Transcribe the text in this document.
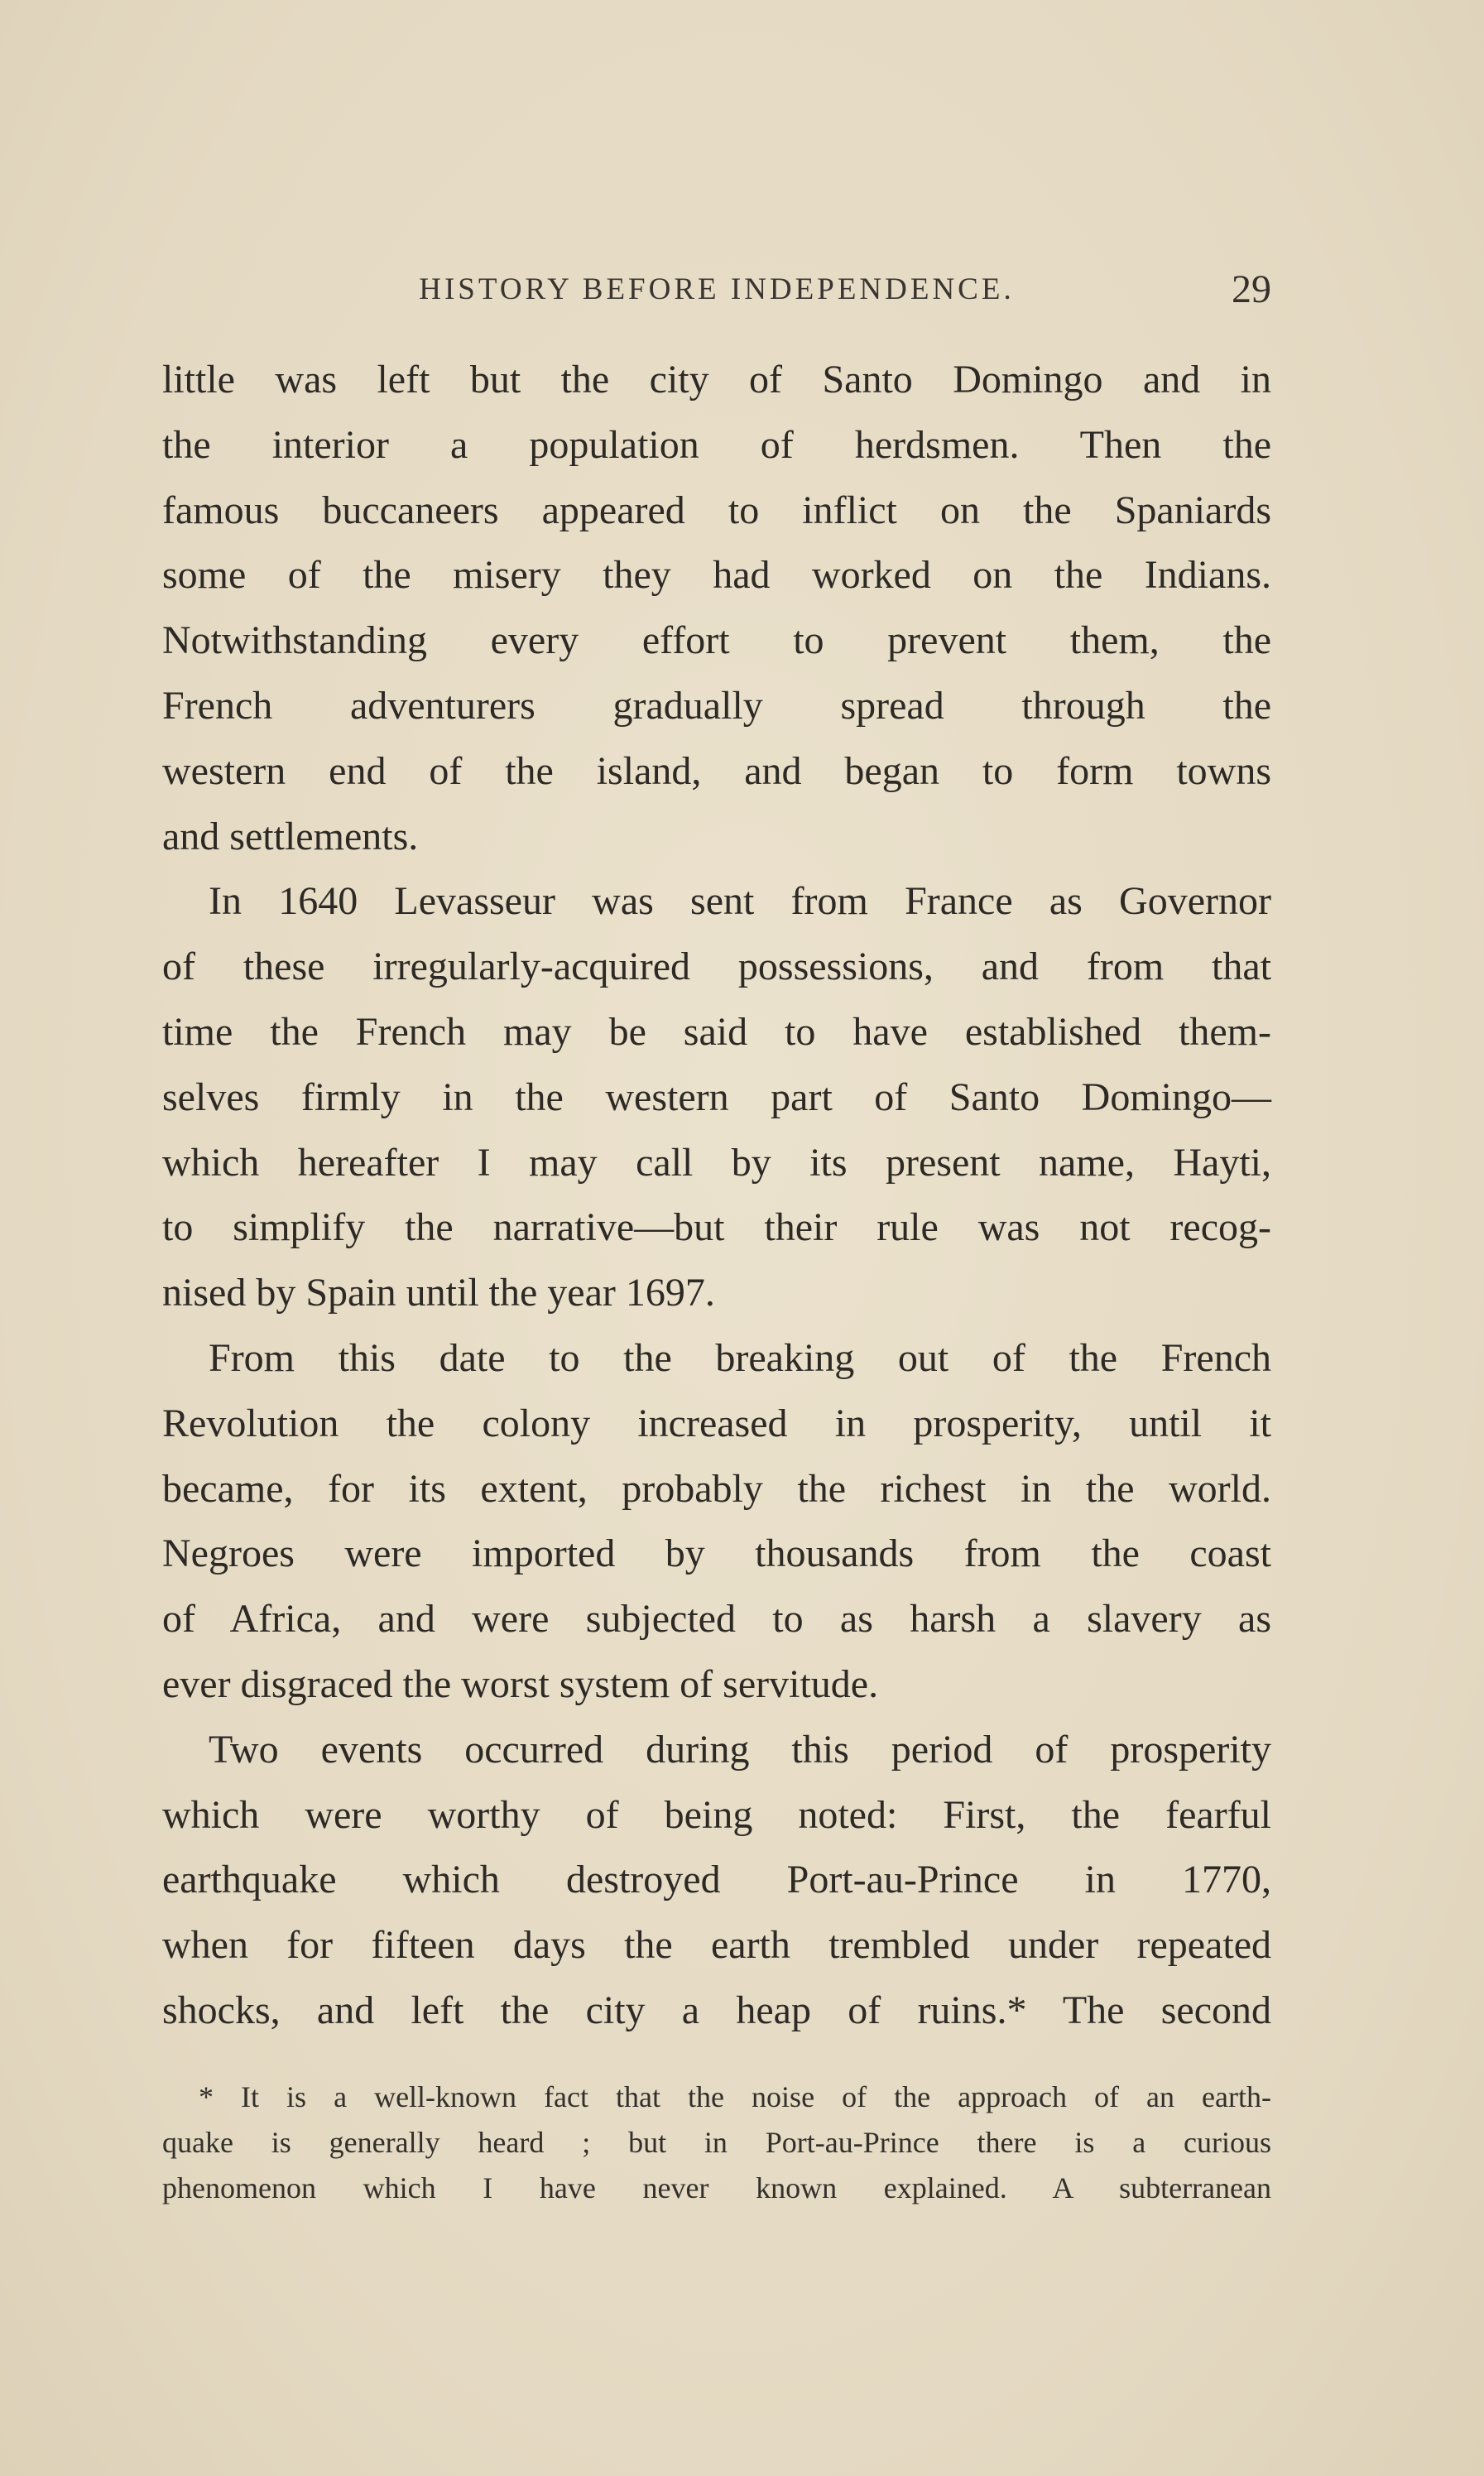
HISTORY BEFORE INDEPENDENCE.	29
little was left but the city of Santo Domingo and in
the interior a population of herdsmen. Then the
famous buccaneers appeared to inflict on the Spaniards
some of the misery they had worked on the Indians.
Notwithstanding every effort to prevent them, the
French adventurers gradually spread through the
western end of the island, and began to form towns
and settlements.
In 1640 Levasseur was sent from France as Governor
of these irregularly-acquired possessions, and from that
time the French may be said to have established them-
selves firmly in the western part of Santo Domingo—
which hereafter I may call by its present name, Hayti,
to simplify the narrative—but their rule was not recog-
nised by Spain until the year 1697.
From this date to the breaking out of the French
Revolution the colony increased in prosperity, until it
became, for its extent, probably the richest in the world.
Negroes were imported by thousands from the coast
of Africa, and were subjected to as harsh a slavery as
ever disgraced the worst system of servitude.
Two events occurred during this period of prosperity
which were worthy of being noted: First, the fearful
earthquake which destroyed Port-au-Prince in 1770,
when for fifteen days the earth trembled under repeated
shocks, and left the city a heap of ruins.* The second
* It is a well-known fact that the noise of the approach of an earth-
quake is generally heard ; but in Port-au-Prince there is a curious
phenomenon which I have never known explained. A subterranean
